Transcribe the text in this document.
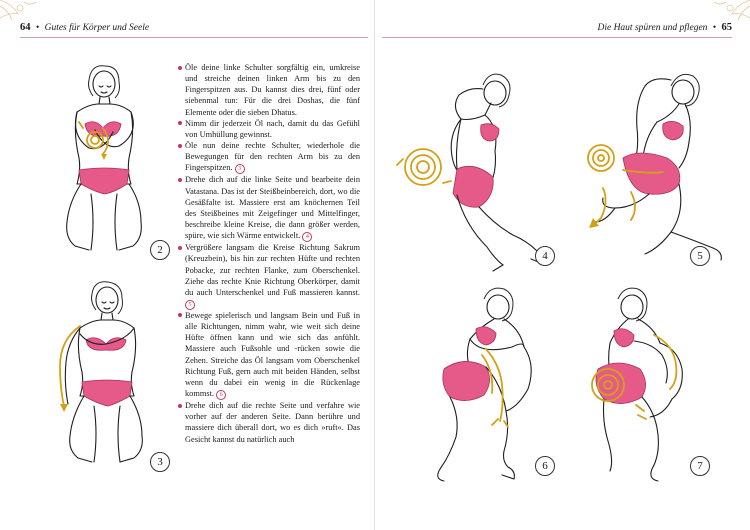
64 • Gutes für Körper und Seele	Die Haut spüren und pflegen • 65
2
3
Öle deine linke Schulter sorgfältig ein, umkreise und streiche deinen linken Arm bis zu den Fingerspitzen aus. Du kannst dies drei, fünf oder siebenmal tun: Für die drei Doshas, die fünf Elemente oder die sieben Dhatus.
Nimm dir jederzeit Öl nach, damit du das Gefühl von Umhüllung gewinnst.
Öle nun deine rechte Schulter, wiederhole die Bewegungen für den rechten Arm bis zu den Fingerspitzen. 3
Drehe dich auf die linke Seite und bearbeite dein Vatastana. Das ist der Steißbeinbereich, dort, wo die Gesäßfalte ist. Massiere erst am knöchernen Teil des Steißbeines mit Zeigefinger und Mittelfinger, beschreibe kleine Kreise, die dann größer werden, spüre, wie sich Wärme entwickelt. 4
Vergrößere langsam die Kreise Richtung Sakrum (Kreuzbein), bis hin zur rechten Hüfte und rechten Pobacke, zur rechten Flanke, zum Oberschenkel. Ziehe das rechte Knie Richtung Oberkörper, damit du auch Unterschenkel und Fuß massieren kannst. 5
Bewege spielerisch und langsam Bein und Fuß in alle Richtungen, nimm wahr, wie weit sich deine Hüfte öffnen kann und wie sich das anfühlt. Massiere auch Fußsohle und -rücken sowie die Zehen. Streiche das Öl langsam vom Oberschenkel Richtung Fuß, gern auch mit beiden Händen, selbst wenn du dabei ein wenig in die Rückenlage kommst. 6
Drehe dich auf die rechte Seite und verfahre wie vorher auf der anderen Seite. Dann berühre und massiere dich überall dort, wo es dich »ruft«. Das Gesicht kannst du natürlich auch
4	5
6	7
